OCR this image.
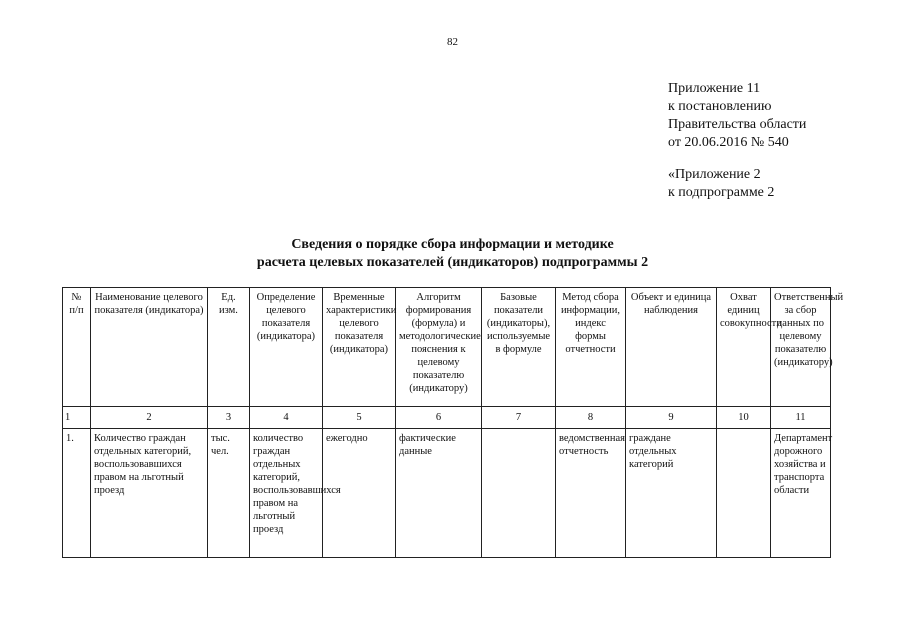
82
Приложение 11
к постановлению
Правительства области
от 20.06.2016 № 540
«Приложение 2
к подпрограмме 2
Сведения о порядке сбора информации и методике
расчета целевых показателей (индикаторов) подпрограммы 2
№ п/п	Наименование целевого показателя (индикатора)	Ед. изм.	Определение целевого показателя (индикатора)	Временные характеристики целевого показателя (индикатора)	Алгоритм формирования (формула) и методологические пояснения к целевому показателю (индикатору)	Базовые показатели (индикаторы), используемые в формуле	Метод сбора информации, индекс формы отчетности	Объект и единица наблюдения	Охват единиц совокупности	Ответственный за сбор данных по целевому показателю (индикатору)
1	2	3	4	5	6	7	8	9	10	11
1.	Количество граждан отдельных категорий, воспользовавшихся правом на льготный проезд	тыс. чел.	количество граждан отдельных категорий, воспользовавшихся правом на льготный проезд	ежегодно	фактические данные		ведомственная отчетность	граждане отдельных категорий		Департамент дорожного хозяйства и транспорта области
